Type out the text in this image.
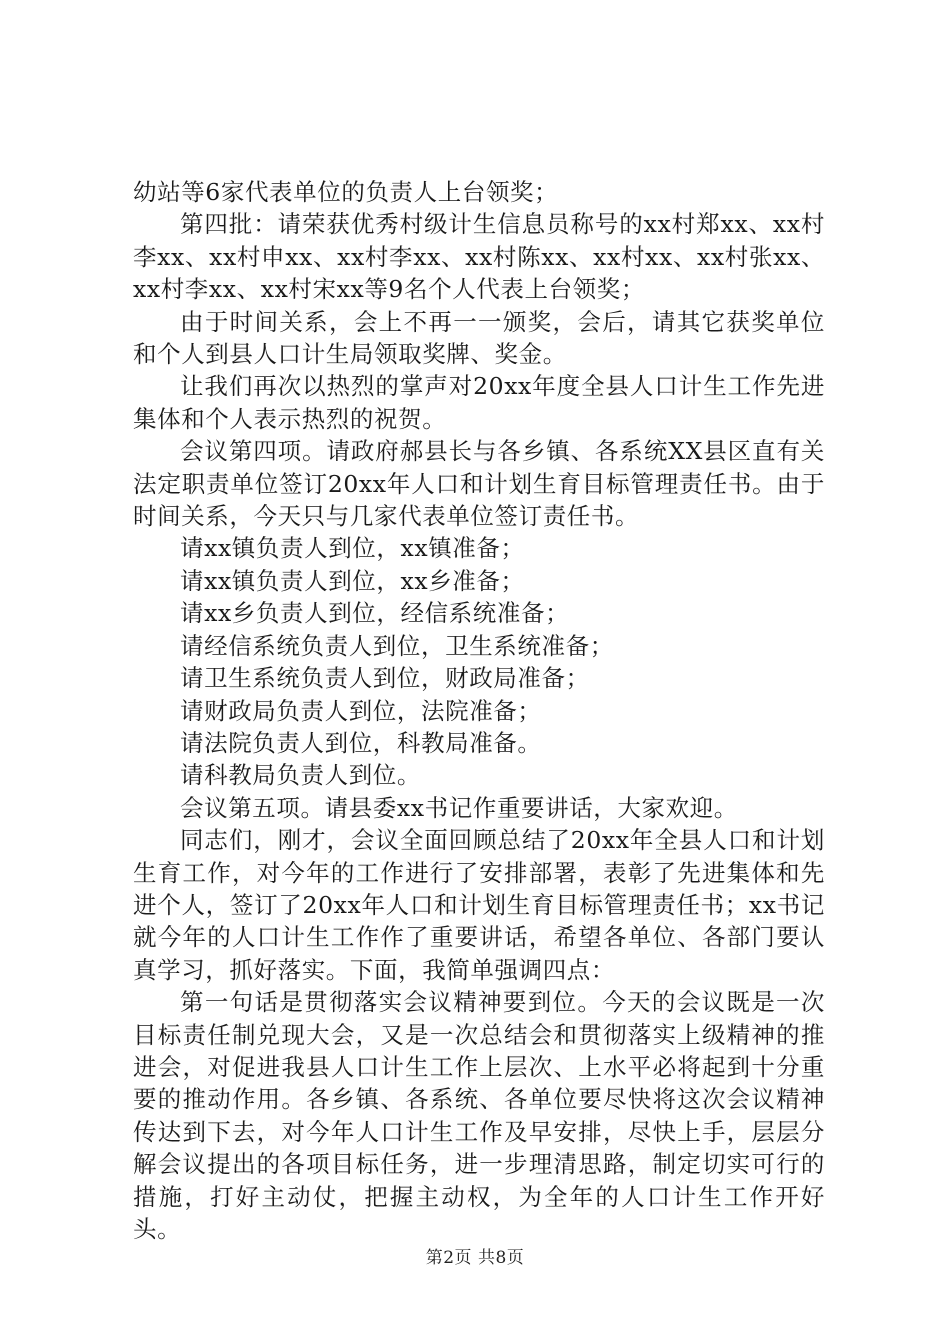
幼站等6家代表单位的负责人上台领奖；

第四批：请荣获优秀村级计生信息员称号的xx村郑xx、xx村李xx、xx村申xx、xx村李xx、xx村陈xx、xx村xx、xx村张xx、xx村李xx、xx村宋xx等9名个人代表上台领奖；

由于时间关系，会上不再一一颁奖，会后，请其它获奖单位和个人到县人口计生局领取奖牌、奖金。

让我们再次以热烈的掌声对20xx年度全县人口计生工作先进集体和个人表示热烈的祝贺。

会议第四项。请政府郝县长与各乡镇、各系统XX县区直有关法定职责单位签订20xx年人口和计划生育目标管理责任书。由于时间关系，今天只与几家代表单位签订责任书。

请xx镇负责人到位，xx镇准备；

请xx镇负责人到位，xx乡准备；

请xx乡负责人到位，经信系统准备；

请经信系统负责人到位，卫生系统准备；

请卫生系统负责人到位，财政局准备；

请财政局负责人到位，法院准备；

请法院负责人到位，科教局准备。

请科教局负责人到位。

会议第五项。请县委xx书记作重要讲话，大家欢迎。

同志们，刚才，会议全面回顾总结了20xx年全县人口和计划生育工作，对今年的工作进行了安排部署，表彰了先进集体和先进个人，签订了20xx年人口和计划生育目标管理责任书；xx书记就今年的人口计生工作作了重要讲话，希望各单位、各部门要认真学习，抓好落实。下面，我简单强调四点：

第一句话是贯彻落实会议精神要到位。今天的会议既是一次目标责任制兑现大会，又是一次总结会和贯彻落实上级精神的推进会，对促进我县人口计生工作上层次、上水平必将起到十分重要的推动作用。各乡镇、各系统、各单位要尽快将这次会议精神传达到下去，对今年人口计生工作及早安排，尽快上手，层层分解会议提出的各项目标任务，进一步理清思路，制定切实可行的措施，打好主动仗，把握主动权，为全年的人口计生工作开好头。

第2页 共8页
